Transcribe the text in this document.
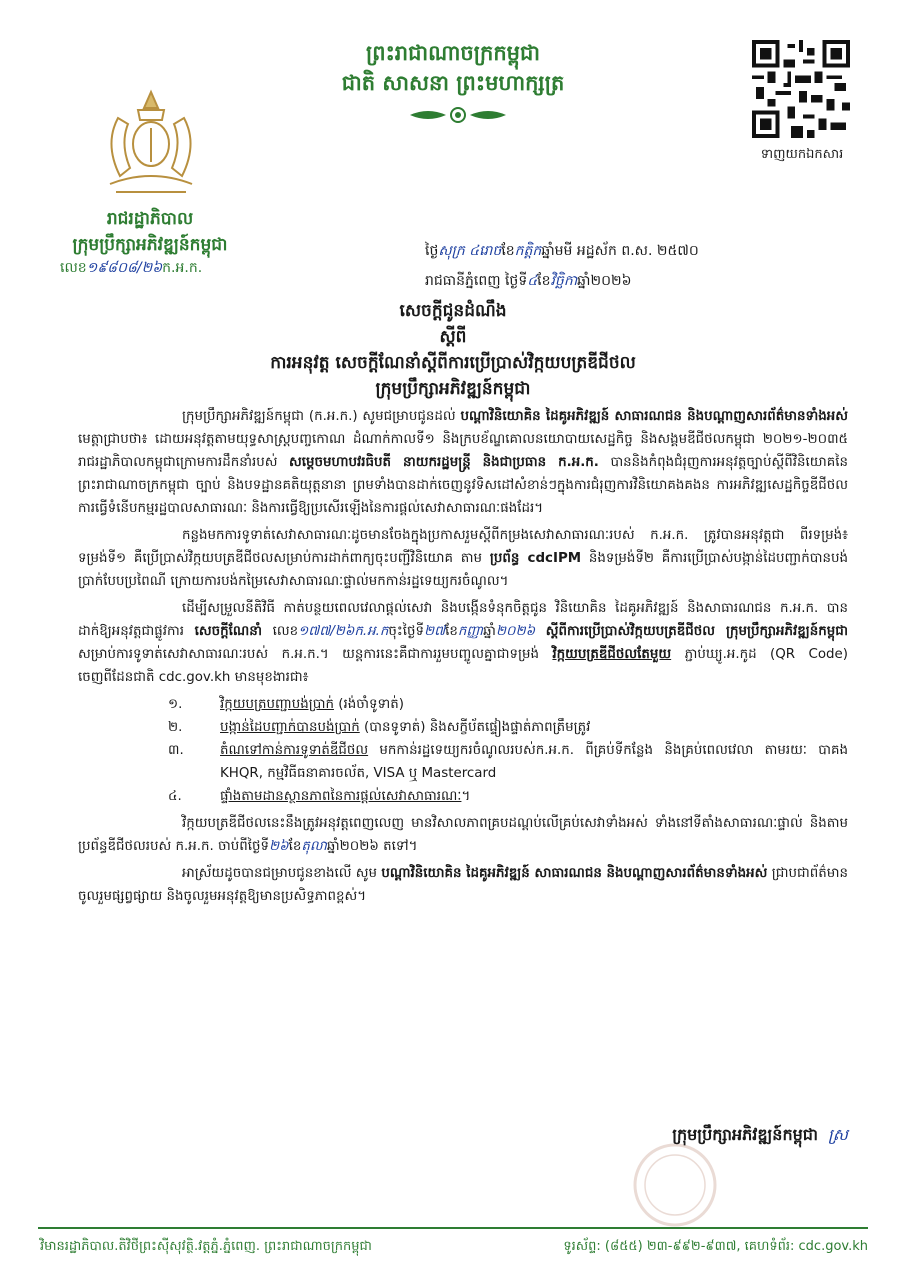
ព្រះរាជាណាចក្រកម្ពុជា
ជាតិ សាសនា ព្រះមហាក្សត្រ
រាជរដ្ឋាភិបាល
ក្រុមប្រឹក្សាអភិវឌ្ឍន៍កម្ពុជា
លេខ១៩៨០៨/២៦ក.អ.ក.
ទាញយកឯកសារ
ថ្ងៃសុក្រ ៤រោចខែកត្តិកឆ្នាំមមី អដ្ឋស័ក ព.ស. ២៥៧០
រាជធានីភ្នំពេញ ថ្ងៃទី៤ខែវិច្ឆិកាឆ្នាំ២០២៦
សេចក្តីជូនដំណឹង
ស្តីពី
ការអនុវត្ត សេចក្តីណែនាំស្តីពីការប្រើប្រាស់វិក្កយបត្រឌីជីថល
ក្រុមប្រឹក្សាអភិវឌ្ឍន៍កម្ពុជា

ក្រុមប្រឹក្សាអភិវឌ្ឍន៍កម្ពុជា (ក.អ.ក.) សូមជម្រាបជូនដល់ បណ្តាវិនិយោគិន ដៃគូអភិវឌ្ឍន៍ សាធារណជន និងបណ្តាញសារព័ត៌មានទាំងអស់ មេត្តាជ្រាបថា៖ ដោយអនុវត្តតាមយុទ្ធសាស្ត្របញ្ចកោណ ដំណាក់កាលទី១ និងក្របខ័ណ្ឌគោលនយោបាយសេដ្ឋកិច្ច និងសង្គមឌីជីថលកម្ពុជា ២០២១-២០៣៥ រាជរដ្ឋាភិបាលកម្ពុជាក្រោមការដឹកនាំរបស់ សម្តេចមហាបវរធិបតី នាយករដ្ឋមន្ត្រី និងជាប្រធាន ក.អ.ក. បាននិងកំពុងជំរុញការអនុវត្តច្បាប់ស្តីពីវិនិយោគនៃព្រះរាជាណាចក្រកម្ពុជា ច្បាប់ និងបទដ្ឋានគតិយុត្តនានា ព្រមទាំងបានដាក់ចេញនូវទិសដៅសំខាន់ៗក្នុងការជំរុញការវិនិយោគងគងន ការអភិវឌ្ឍសេដ្ឋកិច្ចឌីជីថល ការធ្វើទំនើបកម្មរដ្ឋបាលសាធារណៈ និងការធ្វើឱ្យប្រសើរឡើងនៃការផ្តល់សេវាសាធារណៈផងដែរ។

កន្លងមកការទូទាត់សេវាសាធារណៈដូចមានចែងក្នុងប្រកាសរួមស្តីពីកម្រងសេវាសាធារណៈរបស់ ក.អ.ក. ត្រូវបានអនុវត្តជា ពីរទម្រង់៖ ទម្រង់ទី១ គឺប្រើប្រាស់វិក្កយបត្រឌីជីថលសម្រាប់ការដាក់ពាក្យចុះបញ្ជីវិនិយោគ តាម ប្រព័ន្ធ cdcIPM និងទម្រង់ទី២ គឺការប្រើប្រាស់បង្កាន់ដៃបញ្ជាក់បានបង់ប្រាក់បែបប្រពៃណី ក្រោយការបង់កម្រៃសេវាសាធារណៈផ្ទាល់មកកាន់រដ្ឋទេយ្យករចំណូល។

ដើម្បីសម្រួលនីតិវិធី កាត់បន្ថយពេលវេលាផ្តល់សេវា និងបង្កើនទំនុកចិត្តជូន វិនិយោគិន ដៃគូអភិវឌ្ឍន៍ និងសាធារណជន ក.អ.ក. បានដាក់ឱ្យអនុវត្តជាផ្លូវការ សេចក្តីណែនាំ លេខ១៧៧/២៦ក.អ.កចុះថ្ងៃទី២៧ខែកញ្ញាឆ្នាំ២០២៦ ស្តីពីការប្រើប្រាស់វិក្កយបត្រឌីជីថល ក្រុមប្រឹក្សាអភិវឌ្ឍន៍កម្ពុជា សម្រាប់ការទូទាត់សេវាសាធារណៈរបស់ ក.អ.ក.។ យន្តការនេះគឺជាការរួមបញ្ចូលគ្នាជាទម្រង់ វិក្កយបត្រឌីជីថលតែមួយ ភ្ជាប់ឃ្យូ.អ.កូដ (QR Code) ចេញពីដែនជាតិ cdc.gov.kh មានមុខងារជា៖

១.	វិក្កយបត្របញ្ជាបង់ប្រាក់ (រង់ចាំទូទាត់)
២.	បង្កាន់ដៃបញ្ជាក់បានបង់ប្រាក់ (បានទូទាត់) និងសក្ខីប័តផ្ទៀងផ្ទាត់ភាពត្រឹមត្រូវ
៣.	តំណទៅកាន់ការទូទាត់ឌីជីថល មកកាន់រដ្ឋទេយ្យករចំណូលរបស់ក.អ.ក. ពីគ្រប់ទីកន្លែង និងគ្រប់ពេលវេលា តាមរយៈ បាគង KHQR, កម្មវិធីធនាគារចល័ត, VISA ឬ Mastercard
៤.	ផ្ទាំងតាមដានស្ថានភាពនៃការផ្តល់សេវាសាធារណៈ។

វិក្កយបត្រឌីជីថលនេះនឹងត្រូវអនុវត្តពេញលេញ មានវិសាលភាពគ្របដណ្តប់លើគ្រប់សេវាទាំងអស់ ទាំងនៅទីតាំងសាធារណៈផ្ទាល់ និងតាមប្រព័ន្ធឌីជីថលរបស់ ក.អ.ក. ចាប់ពីថ្ងៃទី២៦ខែតុលាឆ្នាំ២០២៦ តទៅ។

អាស្រ័យដូចបានជម្រាបជូនខាងលើ សូម បណ្តាវិនិយោគិន ដៃគូអភិវឌ្ឍន៍ សាធារណជន និងបណ្តាញសារព័ត៌មានទាំងអស់ ជ្រាបជាព័ត៌មាន ចូលរួមផ្សព្វផ្សាយ និងចូលរួមអនុវត្តឱ្យមានប្រសិទ្ធភាពខ្ពស់។

ក្រុមប្រឹក្សាអភិវឌ្ឍន៍កម្ពុជា ស្រ
វិមានរដ្ឋាភិបាល.តិវិថីព្រះស៊ីសុវត្ថិ.វត្តភ្នំ.ភ្នំពេញ. ព្រះរាជាណាចក្រកម្ពុជា	ទូរស័ព្ទ: (៨៥៥) ២៣-៩៩២-៩៣៧, គេហទំព័រ: cdc.gov.kh
